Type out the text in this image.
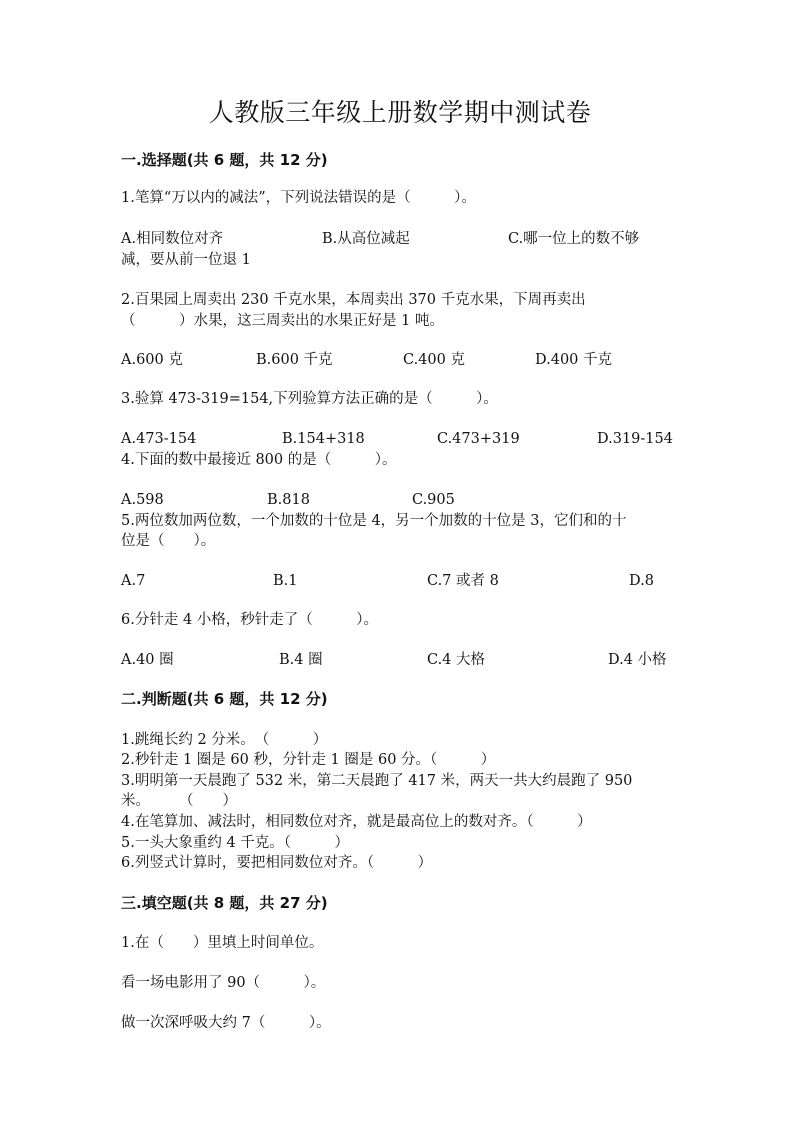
人教版三年级上册数学期中测试卷
一.选择题(共 6 题，共 12 分)
1.笔算“万以内的减法”，下列说法错误的是（　　　）。
A.相同数位对齐	B.从高位减起	C.哪一位上的数不够
减，要从前一位退 1
2.百果园上周卖出 230 千克水果，本周卖出 370 千克水果，下周再卖出
（　　　）水果，这三周卖出的水果正好是 1 吨。
A.600 克	B.600 千克	C.400 克	D.400 千克
3.验算 473-319=154,下列验算方法正确的是（　　　）。
A.473-154	B.154+318	C.473+319	D.319-154
4.下面的数中最接近 800 的是（　　　）。
A.598	B.818	C.905
5.两位数加两位数，一个加数的十位是 4，另一个加数的十位是 3，它们和的十
位是（　　）。
A.7	B.1	C.7 或者 8	D.8
6.分针走 4 小格，秒针走了（　　　）。
A.40 圈	B.4 圈	C.4 大格	D.4 小格
二.判断题(共 6 题，共 12 分)
1.跳绳长约 2 分米。　（　　　）
2.秒针走 1 圈是 60 秒，分针走 1 圈是 60 分。（　　　）
3.明明第一天晨跑了 532 米，第二天晨跑了 417 米，两天一共大约晨跑了 950
米。　　　（　　）
4.在笔算加、减法时，相同数位对齐，就是最高位上的数对齐。（　　　）
5.一头大象重约 4 千克。（　　　）
6.列竖式计算时，要把相同数位对齐。（　　　）
三.填空题(共 8 题，共 27 分)
1.在（　　）里填上时间单位。
看一场电影用了 90（　　　）。
做一次深呼吸大约 7（　　　）。
